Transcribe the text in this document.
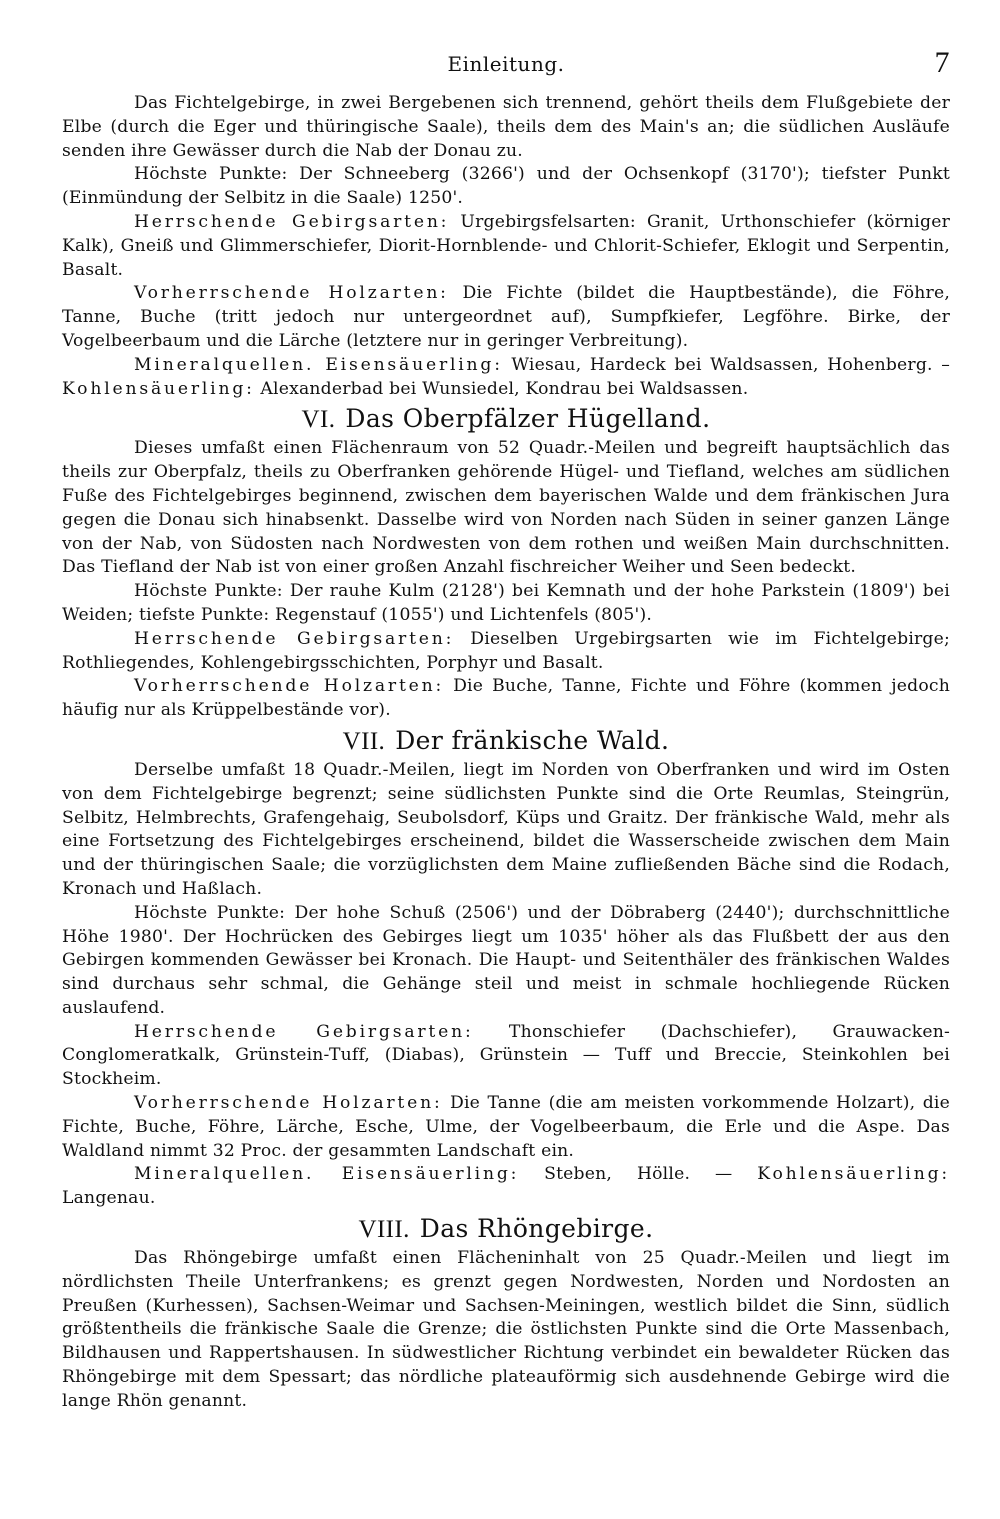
Einleitung.	7

Das Fichtelgebirge, in zwei Bergebenen sich trennend, gehört theils dem Flußgebiete der Elbe (durch die Eger und thüringische Saale), theils dem des Main's an; die südlichen Ausläufe senden ihre Gewässer durch die Nab der Donau zu.

Höchste Punkte: Der Schneeberg (3266') und der Ochsenkopf (3170'); tiefster Punkt (Einmündung der Selbitz in die Saale) 1250'.

Herrschende Gebirgsarten: Urgebirgsfelsarten: Granit, Urthonschiefer (körniger Kalk), Gneiß und Glimmerschiefer, Diorit-Hornblende- und Chlorit-Schiefer, Eklogit und Serpentin, Basalt.

Vorherrschende Holzarten: Die Fichte (bildet die Hauptbestände), die Föhre, Tanne, Buche (tritt jedoch nur untergeordnet auf), Sumpfkiefer, Legföhre. Birke, der Vogelbeerbaum und die Lärche (letztere nur in geringer Verbreitung).

Mineralquellen. Eisensäuerling: Wiesau, Hardeck bei Waldsassen, Hohenberg. – Kohlensäuerling: Alexanderbad bei Wunsiedel, Kondrau bei Waldsassen.

VI. Das Oberpfälzer Hügelland.

Dieses umfaßt einen Flächenraum von 52 Quadr.-Meilen und begreift hauptsächlich das theils zur Oberpfalz, theils zu Oberfranken gehörende Hügel- und Tiefland, welches am südlichen Fuße des Fichtelgebirges beginnend, zwischen dem bayerischen Walde und dem fränkischen Jura gegen die Donau sich hinabsenkt. Dasselbe wird von Norden nach Süden in seiner ganzen Länge von der Nab, von Südosten nach Nordwesten von dem rothen und weißen Main durchschnitten. Das Tiefland der Nab ist von einer großen Anzahl fischreicher Weiher und Seen bedeckt.

Höchste Punkte: Der rauhe Kulm (2128') bei Kemnath und der hohe Parkstein (1809') bei Weiden; tiefste Punkte: Regenstauf (1055') und Lichtenfels (805').

Herrschende Gebirgsarten: Dieselben Urgebirgsarten wie im Fichtelgebirge; Rothliegendes, Kohlengebirgsschichten, Porphyr und Basalt.

Vorherrschende Holzarten: Die Buche, Tanne, Fichte und Föhre (kommen jedoch häufig nur als Krüppelbestände vor).

VII. Der fränkische Wald.

Derselbe umfaßt 18 Quadr.-Meilen, liegt im Norden von Oberfranken und wird im Osten von dem Fichtelgebirge begrenzt; seine südlichsten Punkte sind die Orte Reumlas, Steingrün, Selbitz, Helmbrechts, Grafengehaig, Seubolsdorf, Küps und Graitz. Der fränkische Wald, mehr als eine Fortsetzung des Fichtelgebirges erscheinend, bildet die Wasserscheide zwischen dem Main und der thüringischen Saale; die vorzüglichsten dem Maine zufließenden Bäche sind die Rodach, Kronach und Haßlach.

Höchste Punkte: Der hohe Schuß (2506') und der Döbraberg (2440'); durchschnittliche Höhe 1980'. Der Hochrücken des Gebirges liegt um 1035' höher als das Flußbett der aus den Gebirgen kommenden Gewässer bei Kronach. Die Haupt- und Seitenthäler des fränkischen Waldes sind durchaus sehr schmal, die Gehänge steil und meist in schmale hochliegende Rücken auslaufend.

Herrschende Gebirgsarten: Thonschiefer (Dachschiefer), Grauwacken-Conglomeratkalk, Grünstein-Tuff, (Diabas), Grünstein — Tuff und Breccie, Steinkohlen bei Stockheim.

Vorherrschende Holzarten: Die Tanne (die am meisten vorkommende Holzart), die Fichte, Buche, Föhre, Lärche, Esche, Ulme, der Vogelbeerbaum, die Erle und die Aspe. Das Waldland nimmt 32 Proc. der gesammten Landschaft ein.

Mineralquellen. Eisensäuerling: Steben, Hölle. — Kohlensäuerling: Langenau.

VIII. Das Rhöngebirge.

Das Rhöngebirge umfaßt einen Flächeninhalt von 25 Quadr.-Meilen und liegt im nördlichsten Theile Unterfrankens; es grenzt gegen Nordwesten, Norden und Nordosten an Preußen (Kurhessen), Sachsen-Weimar und Sachsen-Meiningen, westlich bildet die Sinn, südlich größtentheils die fränkische Saale die Grenze; die östlichsten Punkte sind die Orte Massenbach, Bildhausen und Rappertshausen. In südwestlicher Richtung verbindet ein bewaldeter Rücken das Rhöngebirge mit dem Spessart; das nördliche plateauförmig sich ausdehnende Gebirge wird die lange Rhön genannt.
